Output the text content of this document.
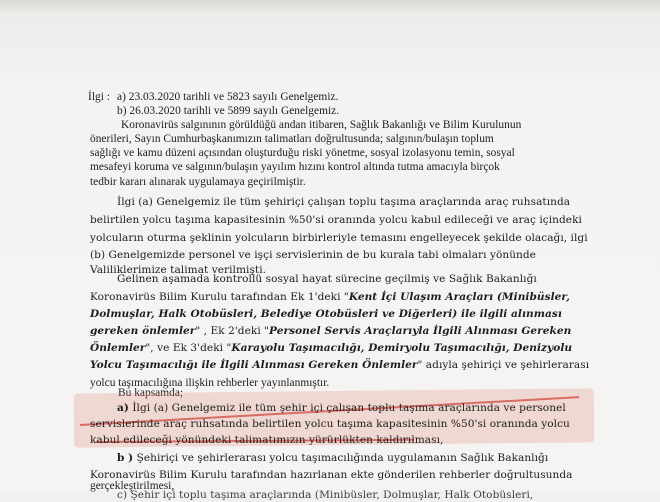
İlgi : a) 23.03.2020 tarihli ve 5823 sayılı Genelgemiz.
b) 26.03.2020 tarihli ve 5899 sayılı Genelgemiz.
Koronavirüs salgınının görüldüğü andan itibaren, Sağlık Bakanlığı ve Bilim Kurulunun
önerileri, Sayın Cumhurbaşkanımızın talimatları doğrultusunda; salgının/bulaşın toplum
sağlığı ve kamu düzeni açısından oluşturduğu riski yönetme, sosyal izolasyonu temin, sosyal
mesafeyi koruma ve salgının/bulaşın yayılım hızını kontrol altında tutma amacıyla birçok
tedbir kararı alınarak uygulamaya geçirilmiştir.
İlgi (a) Genelgemiz ile tüm şehiriçi çalışan toplu taşıma araçlarında araç ruhsatında
belirtilen yolcu taşıma kapasitesinin %50'si oranında yolcu kabul edileceği ve araç içindeki
yolcuların oturma şeklinin yolcuların birbirleriyle temasını engelleyecek şekilde olacağı, ilgi
(b) Genelgemizde personel ve işçi servislerinin de bu kurala tabi olmaları yönünde
Valiliklerimize talimat verilmişti.
Gelinen aşamada kontrollü sosyal hayat sürecine geçilmiş ve Sağlık Bakanlığı
Koronavirüs Bilim Kurulu tarafından Ek 1'deki "Kent İçi Ulaşım Araçları (Minibüsler,
Dolmuşlar, Halk Otobüsleri, Belediye Otobüsleri ve Diğerleri) ile ilgili alınması
gereken önlemler" , Ek 2'deki "Personel Servis Araçlarıyla İlgili Alınması Gereken
Önlemler", ve Ek 3'deki "Karayolu Taşımacılığı, Demiryolu Taşımacılığı, Denizyolu
Yolcu Taşımacılığı ile İlgili Alınması Gereken Önlemler" adıyla şehiriçi ve şehirlerarası
yolcu taşımacılığına ilişkin rehberler yayınlanmıştır.
Bu kapsamda;
a) İlgi (a) Genelgemiz ile tüm şehir içi çalışan toplu taşıma araçlarında ve personel
servislerinde araç ruhsatında belirtilen yolcu taşıma kapasitesinin %50'si oranında yolcu
kabul edileceği yönündeki talimatımızın yürürlükten kaldırılması,
b ) Şehiriçi ve şehirlerarası yolcu taşımacılığında uygulamanın Sağlık Bakanlığı
Koronavirüs Bilim Kurulu tarafından hazırlanan ekte gönderilen rehberler doğrultusunda
gerçekleştirilmesi,
c) Şehir içi toplu taşıma araçlarında (Minibüsler, Dolmuşlar, Halk Otobüsleri,
